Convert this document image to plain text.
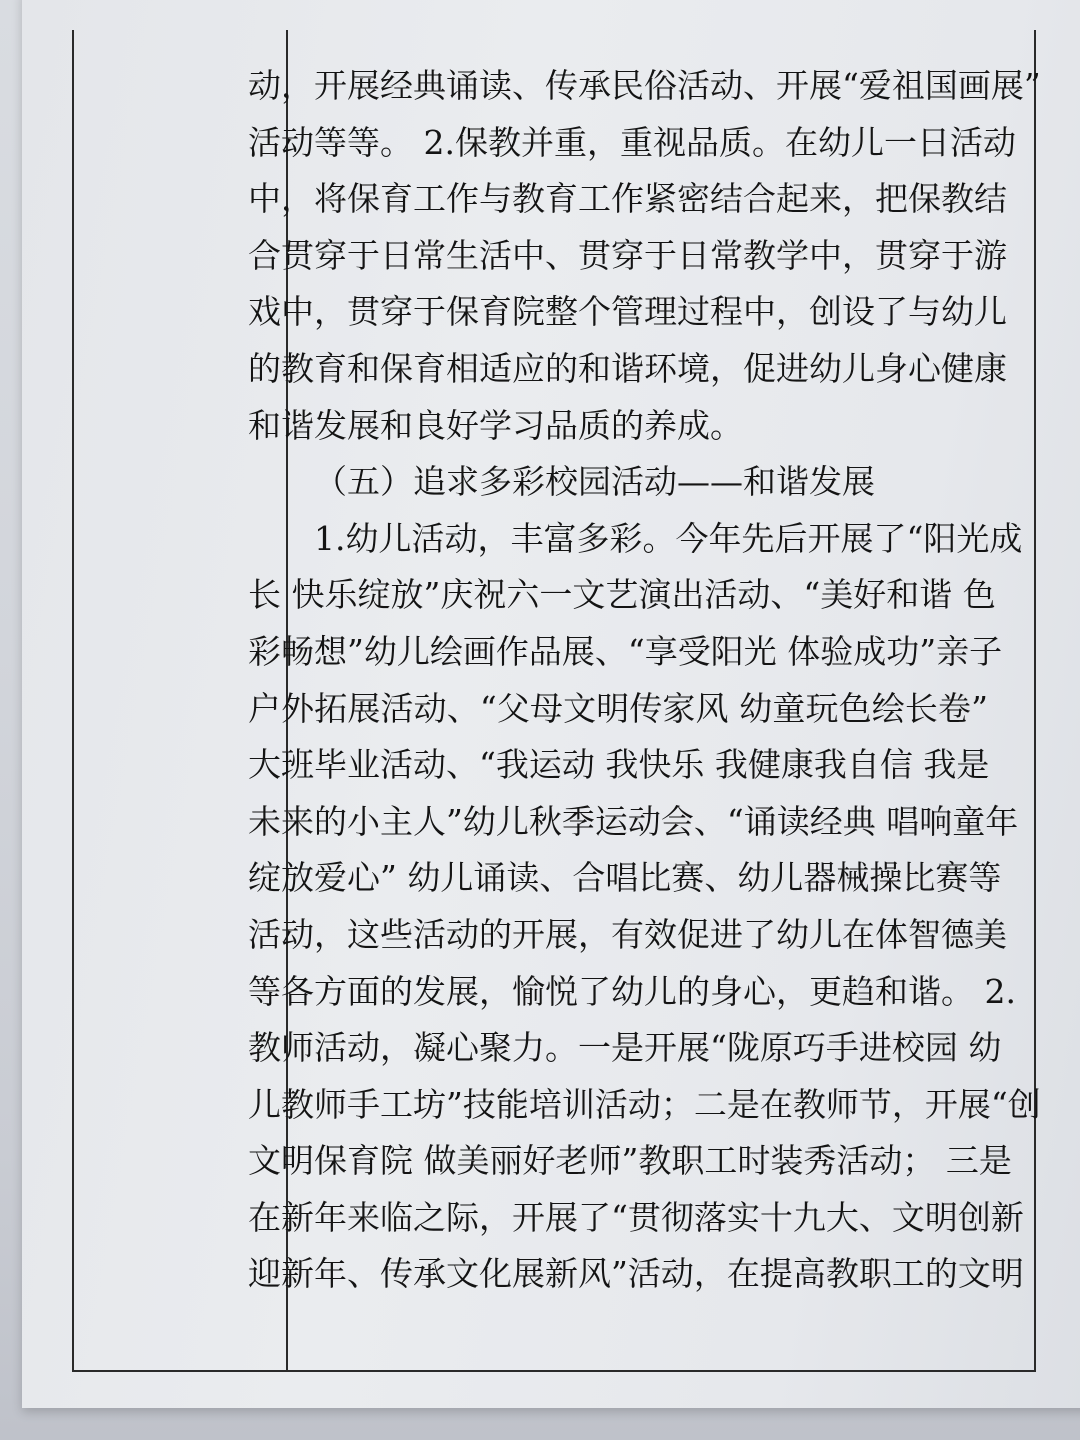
动，开展经典诵读、传承民俗活动、开展“爱祖国画展”
活动等等。 2.保教并重，重视品质。在幼儿一日活动
中，将保育工作与教育工作紧密结合起来，把保教结
合贯穿于日常生活中、贯穿于日常教学中，贯穿于游
戏中，贯穿于保育院整个管理过程中，创设了与幼儿
的教育和保育相适应的和谐环境，促进幼儿身心健康
和谐发展和良好学习品质的养成。
（五）追求多彩校园活动——和谐发展
1.幼儿活动，丰富多彩。今年先后开展了“阳光成
长 快乐绽放”庆祝六一文艺演出活动、“美好和谐 色
彩畅想”幼儿绘画作品展、“享受阳光 体验成功”亲子
户外拓展活动、“父母文明传家风 幼童玩色绘长卷”
大班毕业活动、“我运动 我快乐 我健康我自信 我是
未来的小主人”幼儿秋季运动会、“诵读经典 唱响童年
绽放爱心” 幼儿诵读、合唱比赛、幼儿器械操比赛等
活动，这些活动的开展，有效促进了幼儿在体智德美
等各方面的发展，愉悦了幼儿的身心，更趋和谐。 2.
教师活动，凝心聚力。一是开展“陇原巧手进校园 幼
儿教师手工坊”技能培训活动；二是在教师节，开展“创
文明保育院 做美丽好老师”教职工时装秀活动； 三是
在新年来临之际，开展了“贯彻落实十九大、文明创新
迎新年、传承文化展新风”活动，在提高教职工的文明
